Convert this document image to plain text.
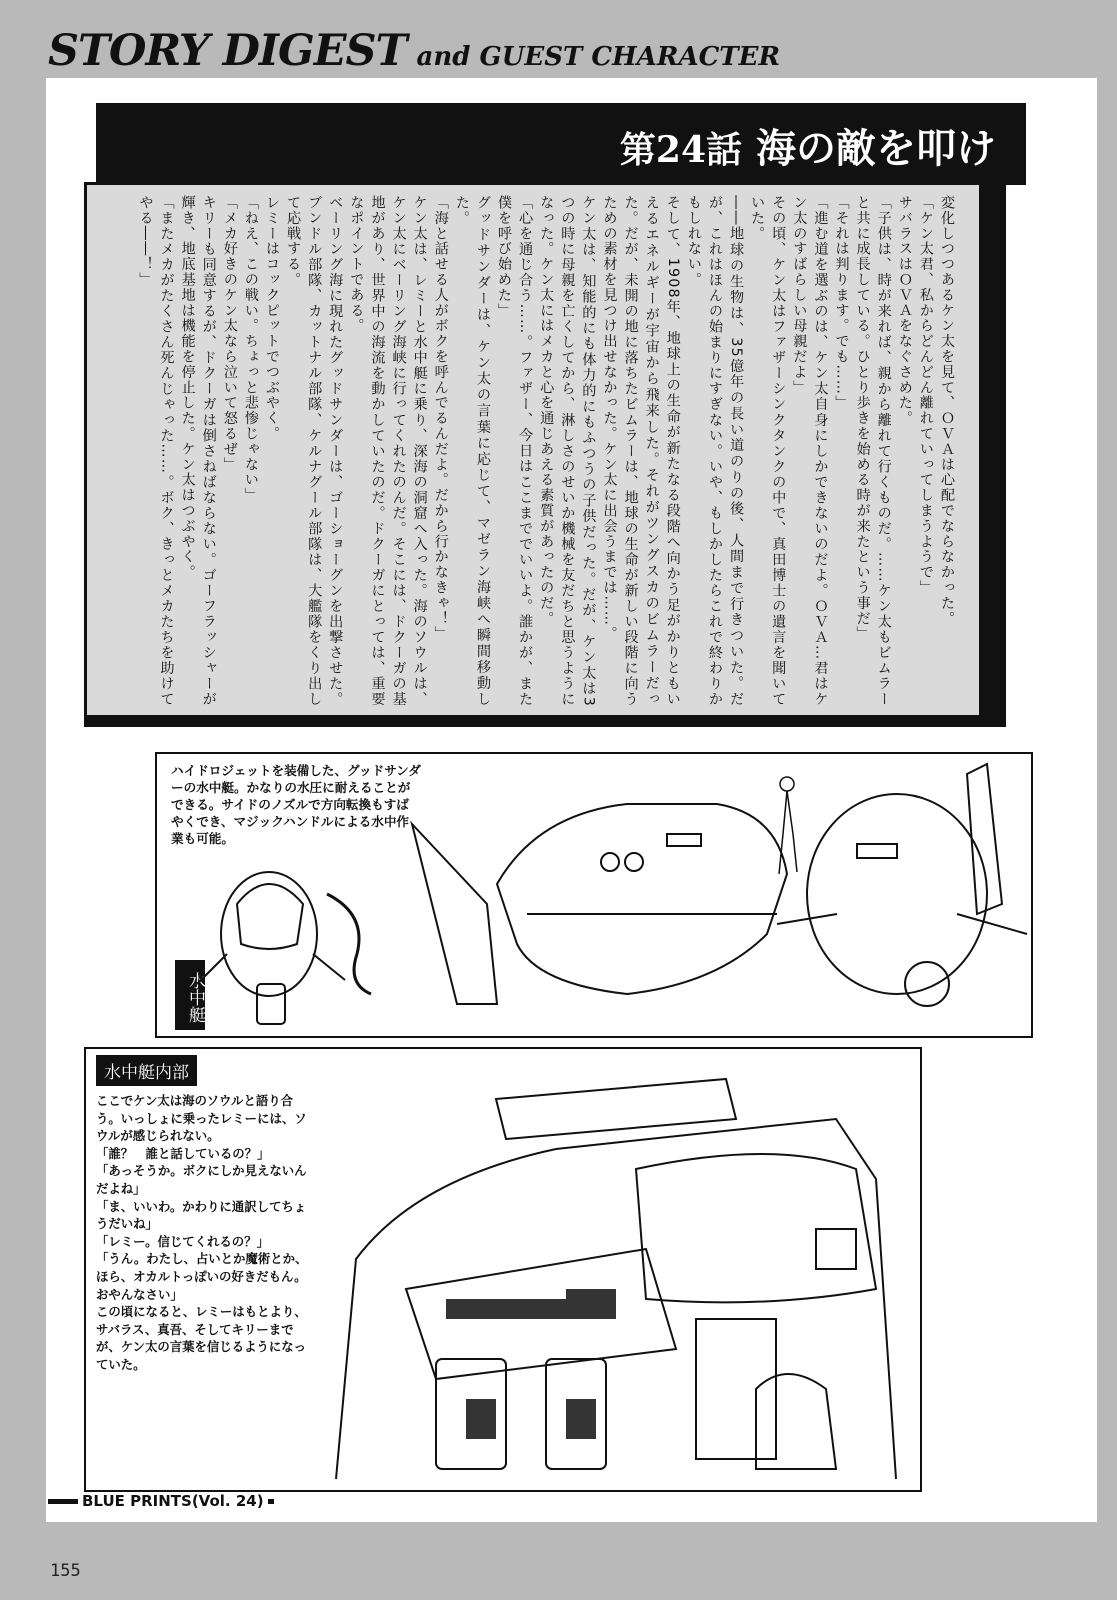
STORY DIGEST and GUEST CHARACTER
第24話 海の敵を叩け

変化しつつあるケン太を見て、ＯＶＡは心配でならなかった。

「ケン太君、私からどんどん離れていってしまうようで」

サバラスはＯＶＡをなぐさめた。

「子供は、時が来れば、親から離れて行くものだ。……ケン太もビムラーと共に成長している。ひとり歩きを始める時が来たという事だ」

「それは判ります。でも……」

「進む道を選ぶのは、ケン太自身にしかできないのだよ。ＯＶＡ…君はケン太のすばらしい母親だよ」

その頃、ケン太はファザーシンクタンクの中で、真田博士の遺言を聞いていた。

――地球の生物は、35億年の長い道のりの後、人間まで行きついた。だが、これはほんの始まりにすぎない。いや、もしかしたらこれで終わりかもしれない。

そして、1908年、地球上の生命が新たなる段階へ向かう足がかりともいえるエネルギーが宇宙から飛来した。それがツングスカのビムラーだった。だが、未開の地に落ちたビムラーは、地球の生命が新しい段階に向うための素材を見つけ出せなかった。ケン太に出会うまでは……。

ケン太は、知能的にも体力的にもふつうの子供だった。だが、ケン太は3つの時に母親を亡くしてから、淋しさのせいか機械を友だちと思うようになった。ケン太にはメカと心を通じあえる素質があったのだ。

「心を通じ合う……。ファザー、今日はここまででいいよ。誰かが、また僕を呼び始めた」

グッドサンダーは、ケン太の言葉に応じて、マゼラン海峡へ瞬間移動した。

「海と話せる人がボクを呼んでるんだよ。だから行かなきゃ！」

ケン太は、レミーと水中艇に乗り、深海の洞窟へ入った。海のソウルは、ケン太にベーリング海峡に行ってくれたのんだ。そこには、ドクーガの基地があり、世界中の海流を動かしていたのだ。ドクーガにとっては、重要なポイントである。

ベーリング海に現れたグッドサンダーは、ゴーショーグンを出撃させた。ブンドル部隊、カットナル部隊、ケルナグール部隊は、大艦隊をくり出して応戦する。

レミーはコックピットでつぶやく。

「ねえ、この戦い。ちょっと悲惨じゃない」

「メカ好きのケン太なら泣いて怒るぜ」

キリーも同意するが、ドクーガは倒さねばならない。ゴーフラッシャーが輝き、地底基地は機能を停止した。ケン太はつぶやく。

「またメカがたくさん死んじゃった……。ボク、きっとメカたちを助けてやる――！」

ハイドロジェットを装備した、グッドサンダーの水中艇。かなりの水圧に耐えることができる。サイドのノズルで方向転換もすばやくでき、マジックハンドルによる水中作業も可能。
水中艇
水中艇内部

ここでケン太は海のソウルと語り合う。いっしょに乗ったレミーには、ソウルが感じられない。

「誰？　誰と話しているの？」

「あっそうか。ボクにしか見えないんだよね」

「ま、いいわ。かわりに通訳してちょうだいね」

「レミー。信じてくれるの？」

「うん。わたし、占いとか魔術とか、ほら、オカルトっぽいの好きだもん。おやんなさい」

この頃になると、レミーはもとより、サバラス、真吾、そしてキリーまでが、ケン太の言葉を信じるようになっていた。

BLUE PRINTS(Vol. 24)
155
